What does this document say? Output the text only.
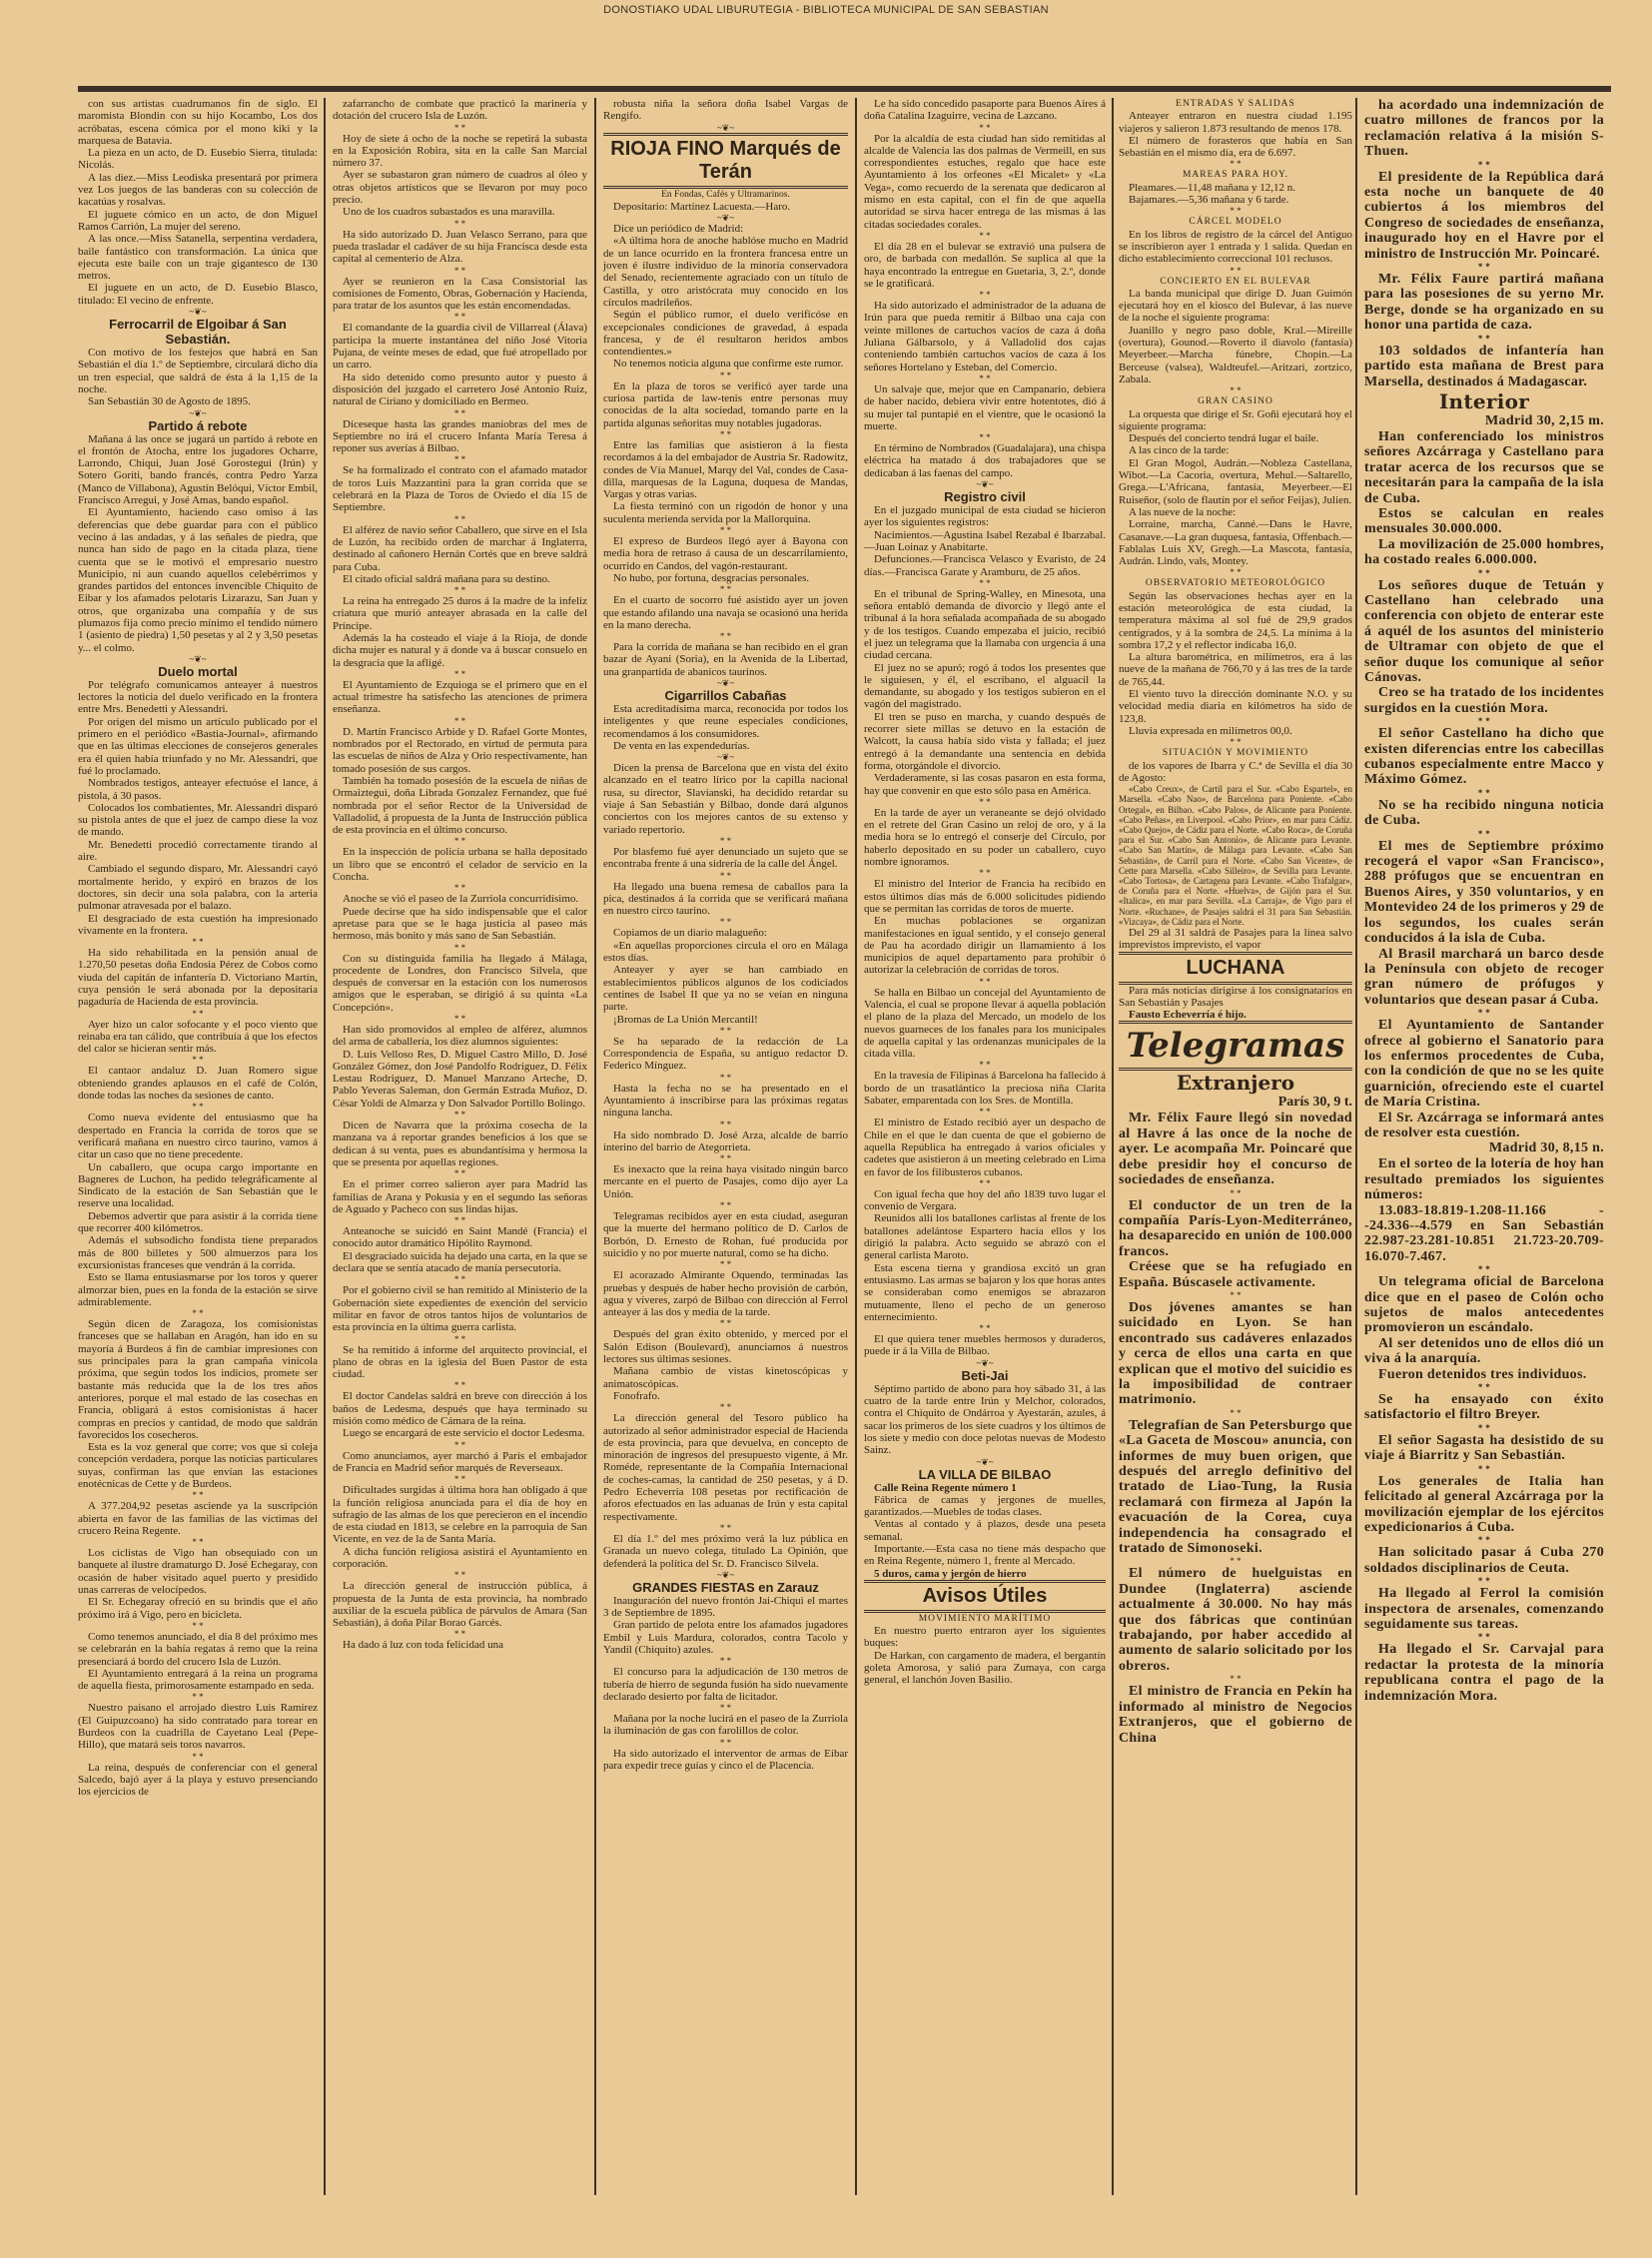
DONOSTIAKO UDAL LIBURUTEGIA - BIBLIOTECA MUNICIPAL DE SAN SEBASTIAN

con sus artistas cuadrumanos fin de siglo. El maromista Blondin con su hijo Kocambo, Los dos acróbatas, escena cómica por el mono kiki y la marquesa de Batavia.

La pieza en un acto, de D. Eusebio Sierra, titulada: Nicolás.

A las diez.—Miss Leodiska presentará por primera vez Los juegos de las banderas con su colección de kacatúas y rosalvas.

El juguete cómico en un acto, de don Miguel Ramos Carrión, La mujer del sereno.

A las once.—Miss Satanella, serpentina verdadera, baile fantástico con transformación. La única que ejecuta este baile con un traje gigantesco de 130 metros.

El juguete en un acto, de D. Eusebio Blasco, titulado: El vecino de enfrente.

~❦~

Ferrocarril de Elgoibar á San Sebastián.

Con motivo de los festejos que habrá en San Sebastián el día 1.º de Septiembre, circulará dicho día un tren especial, que saldrá de ésta á la 1,15 de la noche.

San Sebastián 30 de Agosto de 1895.

~❦~

Partido á rebote

Mañana á las once se jugará un partido á rebote en el frontón de Atocha, entre los jugadores Ocharre, Larrondo, Chiqui, Juan José Gorostegui (Irún) y Sotero Goríti, bando francés, contra Pedro Yarza (Manco de Villabona), Agustín Belóqui, Víctor Embil, Francisco Arregui, y José Amas, bando español.

El Ayuntamiento, haciendo caso omiso á las deferencias que debe guardar para con el público vecino á las andadas, y á las señales de piedra, que nunca han sido de pago en la citada plaza, tiene cuenta que se le motivó el empresario nuestro Municipio, ni aun cuando aquellos celebérrimos y grandes partidos del entonces invencible Chiquito de Eibar y los afamados pelotaris Lizarazu, San Juan y otros, que organizaba una compañía y de sus plumazos fija como precio mínimo el tendido número 1 (asiento de piedra) 1,50 pesetas y al 2 y 3,50 pesetas y... el colmo.

~❦~

Duelo mortal

Por telégrafo comunicamos anteayer á nuestros lectores la noticia del duelo verificado en la frontera entre Mrs. Benedetti y Alessandri.

Por origen del mismo un artículo publicado por el primero en el periódico «Bastia-Journal», afirmando que en las últimas elecciones de consejeros generales era él quien había triunfado y no Mr. Alessandri, que fué lo proclamado.

Nombrados testigos, anteayer efectuóse el lance, á pistola, á 30 pasos.

Colocados los combatientes, Mr. Alessandri disparó su pistola antes de que el juez de campo diese la voz de mando.

Mr. Benedetti procedió correctamente tirando al aire.

Cambiado el segundo disparo, Mr. Alessandri cayó mortalmente herido, y expiró en brazos de los doctores, sin decir una sola palabra, con la arteria pulmonar atravesada por el balazo.

El desgraciado de esta cuestión ha impresionado vivamente en la frontera.

* *

Ha sido rehabilitada en la pensión anual de 1.270,50 pesetas doña Endosia Pérez de Cobos como viuda del capitán de infantería D. Victoriano Martín, cuya pensión le será abonada por la depositaria pagaduría de Hacienda de esta provincia.

* *

Ayer hizo un calor sofocante y el poco viento que reinaba era tan cálido, que contribuía á que los efectos del calor se hicieran sentir más.

* *

El cantaor andaluz D. Juan Romero sigue obteniendo grandes aplausos en el café de Colón, donde todas las noches da sesiones de canto.

* *

Como nueva evidente del entusiasmo que ha despertado en Francia la corrida de toros que se verificará mañana en nuestro circo taurino, vamos á citar un caso que no tiene precedente.

Un caballero, que ocupa cargo importante en Bagneres de Luchon, ha pedido telegráficamente al Sindicato de la estación de San Sebastián que le reserve una localidad.

Debemos advertir que para asistir á la corrida tiene que recorrer 400 kilómetros.

Además el subsodicho fondista tiene preparados más de 800 billetes y 500 almuerzos para los excursionistas franceses que vendrán á la corrida.

Esto se llama entusiasmarse por los toros y querer almorzar bien, pues en la fonda de la estación se sirve admirablemente.

* *

Según dicen de Zaragoza, los comisionistas franceses que se hallaban en Aragón, han ido en su mayoría á Burdeos á fin de cambiar impresiones con sus principales para la gran campaña vinícola próxima, que según todos los indicios, promete ser bastante más reducida que la de los tres años anteriores, porque el mal estado de las cosechas en Francia, obligará á estos comisionistas á hacer compras en precios y cantidad, de modo que saldrán favorecidos los cosecheros.

Esta es la voz general que corre; vos que si coleja concepción verdadera, porque las noticias particulares suyas, confirman las que envían las estaciones enotécnicas de Cette y de Burdeos.

* *

A 377.204,92 pesetas asciende ya la suscripción abierta en favor de las familias de las víctimas del crucero Reina Regente.

* *

Los ciclistas de Vigo han obsequiado con un banquete al ilustre dramaturgo D. José Echegaray, con ocasión de haber visitado aquel puerto y presidido unas carreras de velocípedos.

El Sr. Echegaray ofreció en su brindis que el año próximo irá á Vigo, pero en bicicleta.

* *

Como tenemos anunciado, el día 8 del próximo mes se celebrarán en la bahía regatas á remo que la reina presenciará á bordo del crucero Isla de Luzón.

El Ayuntamiento entregará á la reina un programa de aquella fiesta, primorosamente estampado en seda.

* *

Nuestro paisano el arrojado diestro Luis Ramírez (El Guipuzcoano) ha sido contratado para torear en Burdeos con la cuadrilla de Cayetano Leal (Pepe-Hillo), que matará seis toros navarros.

* *

La reina, después de conferenciar con el general Salcedo, bajó ayer á la playa y estuvo presenciando los ejercicios de

zafarrancho de combate que practicó la marinería y dotación del crucero Isla de Luzón.

* *

Hoy de siete á ocho de la noche se repetirá la subasta en la Exposición Robira, sita en la calle San Marcial número 37.

Ayer se subastaron gran número de cuadros al óleo y otras objetos artísticos que se llevaron por muy poco precio.

Uno de los cuadros subastados es una maravilla.

* *

Ha sido autorizado D. Juan Velasco Serrano, para que pueda trasladar el cadáver de su hija Francisca desde esta capital al cementerio de Alza.

* *

Ayer se reunieron en la Casa Consistorial las comisiones de Fomento, Obras, Gobernación y Hacienda, para tratar de los asuntos que les están encomendadas.

* *

El comandante de la guardia civil de Villarreal (Álava) participa la muerte instantánea del niño José Vitoria Pujana, de veinte meses de edad, que fué atropellado por un carro.

Ha sido detenido como presunto autor y puesto á disposición del juzgado el carretero José Antonio Ruiz, natural de Ciriano y domiciliado en Bermeo.

* *

Díceseque hasta las grandes maniobras del mes de Septiembre no irá el crucero Infanta María Teresa á reponer sus averías á Bilbao.

* *

Se ha formalizado el contrato con el afamado matador de toros Luis Mazzantini para la gran corrida que se celebrará en la Plaza de Toros de Oviedo el día 15 de Septiembre.

* *

El alférez de navío señor Caballero, que sirve en el Isla de Luzón, ha recibido orden de marchar á Inglaterra, destinado al cañonero Hernán Cortés que en breve saldrá para Cuba.

El citado oficial saldrá mañana para su destino.

* *

La reina ha entregado 25 duros á la madre de la infeliz criatura que murió anteayer abrasada en la calle del Príncipe.

Además la ha costeado el viaje á la Rioja, de donde dicha mujer es natural y á donde va á buscar consuelo en la desgracia que la afligé.

* *

El Ayuntamiento de Ezquioga se el primero que en el actual trimestre ha satisfecho las atenciones de primera enseñanza.

* *

D. Martín Francisco Arbide y D. Rafael Gorte Montes, nombrados por el Rectorado, en virtud de permuta para las escuelas de niños de Alza y Orio respectivamente, han tomado posesión de sus cargos.

También ha tomado posesión de la escuela de niñas de Ormaiztegui, doña Librada Gonzalez Fernandez, que fué nombrada por el señor Rector de la Universidad de Valladolid, á propuesta de la Junta de Instrucción pública de esta provincia en el último concurso.

* *

En la inspección de policía urbana se halla depositado un libro que se encontró el celador de servicio en la Concha.

* *

Anoche se vió el paseo de la Zurriola concurridísimo.

Puede decirse que ha sido indispensable que el calor apretase para que se le haga justicia al paseo más hermoso, más bonito y más sano de San Sebastián.

* *

Con su distinguida familia ha llegado á Málaga, procedente de Londres, don Francisco Silvela, que después de conversar en la estación con los numerosos amigos que le esperaban, se dirigió á su quinta «La Concepción».

* *

Han sido promovidos al empleo de alférez, alumnos del arma de caballería, los diez alumnos siguientes:

D. Luis Velloso Res, D. Miguel Castro Millo, D. José González Gómez, don José Pandolfo Rodriguez, D. Félix Lestau Rodriguez, D. Manuel Manzano Arteche, D. Pablo Yeveras Saleman, don Germán Estrada Muñoz, D. César Yoldi de Almarza y Don Salvador Portillo Bolingo.

* *

Dicen de Navarra que la próxima cosecha de la manzana va á reportar grandes beneficios á los que se dedican á su venta, pues es abundantísima y hermosa la que se presenta por aquellas regiones.

* *

En el primer correo salieron ayer para Madrid las familias de Arana y Pokusia y en el segundo las señoras de Aguado y Pacheco con sus lindas hijas.

* *

Anteanoche se suicidó en Saint Mandé (Francia) el conocido autor dramático Hipólito Raymond.

El desgraciado suicida ha dejado una carta, en la que se declara que se sentía atacado de manía persecutoria.

* *

Por el gobierno civil se han remitido al Ministerio de la Gobernación siete expedientes de exención del servicio militar en favor de otros tantos hijos de voluntarios de esta provincia en la última guerra carlista.

* *

Se ha remitido á informe del arquitecto provincial, el plano de obras en la iglesia del Buen Pastor de esta ciudad.

* *

El doctor Candelas saldrá en breve con dirección á los baños de Ledesma, después que haya terminado su misión como médico de Cámara de la reina.

Luego se encargará de este servicio el doctor Ledesma.

* *

Como anunciamos, ayer marchó á París el embajador de Francia en Madrid señor marqués de Reverseaux.

* *

Dificultades surgidas á última hora han obligado á que la función religiosa anunciada para el día de hoy en sufragio de las almas de los que perecieron en el incendio de esta ciudad en 1813, se celebre en la parroquia de San Vicente, en vez de la de Santa María.

A dicha función religiosa asistirá el Ayuntamiento en corporación.

* *

La dirección general de instrucción pública, á propuesta de la Junta de esta provincia, ha nombrado auxiliar de la escuela pública de párvulos de Amara (San Sebastián), á doña Pilar Borao Garcés.

* *

Ha dado á luz con toda felicidad una

robusta niña la señora doña Isabel Vargas de Rengifo.

~❦~

RIOJA FINO Marqués de Terán

En Fondas, Cafés y Ultramarinos.

Depositario: Martínez Lacuesta.—Haro.

~❦~

Dice un periódico de Madrid:

«A última hora de anoche hablóse mucho en Madrid de un lance ocurrido en la frontera francesa entre un joven é ilustre individuo de la minoría conservadora del Senado, recientemente agraciado con un título de Castilla, y otro aristócrata muy conocido en los círculos madrileños.

Según el público rumor, el duelo verificóse en excepcionales condiciones de gravedad, á espada francesa, y de él resultaron heridos ambos contendientes.»

No tenemos noticia alguna que confirme este rumor.

* *

En la plaza de toros se verificó ayer tarde una curiosa partida de law-tenis entre personas muy conocidas de la alta sociedad, tomando parte en la partida algunas señoritas muy notables jugadoras.

* *

Entre las familias que asistieron á la fiesta recordamos á la del embajador de Austria Sr. Radowitz, condes de Vía Manuel, Marqy del Val, condes de Casa-dilla, marquesas de la Laguna, duquesa de Mandas, Vargas y otras varias.

La fiesta terminó con un rigodón de honor y una suculenta merienda servida por la Mallorquina.

* *

El expreso de Burdeos llegó ayer á Bayona con media hora de retraso á causa de un descarrilamiento, ocurrido en Candos, del vagón-restaurant.

No hubo, por fortuna, desgracias personales.

* *

En el cuarto de socorro fué asistido ayer un joven que estando afilando una navaja se ocasionó una herida en la mano derecha.

* *

Para la corrida de mañana se han recibido en el gran bazar de Ayani (Soria), en la Avenida de la Libertad, una granpartida de abanicos taurinos.

~❦~

Cigarrillos Cabañas

Esta acreditadísima marca, reconocida por todos los inteligentes y que reune especiales condiciones, recomendamos á los consumidores.

De venta en las expendedurías.

~❦~

Dicen la prensa de Barcelona que en vista del éxito alcanzado en el teatro lírico por la capilla nacional rusa, su director, Slavianski, ha decidido retardar su viaje á San Sebastián y Bilbao, donde dará algunos conciertos con los mejores cantos de su extenso y variado repertorio.

* *

Por blasfemo fué ayer denunciado un sujeto que se encontraba frente á una sidrería de la calle del Ángel.

* *

Ha llegado una buena remesa de caballos para la pica, destinados á la corrida que se verificará mañana en nuestro circo taurino.

* *

Copiamos de un diario malagueño:

«En aquellas proporciones circula el oro en Málaga estos días.

Anteayer y ayer se han cambiado en establecimientos públicos algunos de los codiciados centines de Isabel II que ya no se veían en ninguna parte.

¡Bromas de La Unión Mercantil!

* *

Se ha separado de la redacción de La Correspondencia de España, su antiguo redactor D. Federico Mínguez.

* *

Hasta la fecha no se ha presentado en el Ayuntamiento á inscribirse para las próximas regatas ninguna lancha.

* *

Ha sido nombrado D. José Arza, alcalde de barrio interino del barrio de Ategorrieta.

* *

Es inexacto que la reina haya visitado ningún barco mercante en el puerto de Pasajes, como dijo ayer La Unión.

* *

Telegramas recibidos ayer en esta ciudad, aseguran que la muerte del hermano político de D. Carlos de Borbón, D. Ernesto de Rohan, fué producida por suicidio y no por muerte natural, como se ha dicho.

* *

El acorazado Almirante Oquendo, terminadas las pruebas y después de haber hecho provisión de carbón, agua y víveres, zarpó de Bilbao con dirección al Ferrol anteayer á las dos y media de la tarde.

* *

Después del gran éxito obtenido, y merced por el Salón Edison (Boulevard), anunciamos á nuestros lectores sus últimas sesiones.

Mañana cambio de vistas kinetoscópicas y animatoscópicas.

Fonofrafo.

* *

La dirección general del Tesoro público ha autorizado al señor administrador especial de Hacienda de esta provincia, para que devuelva, en concepto de minoración de ingresos del presupuesto vigente, á Mr. Roméde, representante de la Compañía Internacional de coches-camas, la cantidad de 250 pesetas, y á D. Pedro Echeverría 108 pesetas por rectificación de aforos efectuados en las aduanas de Irún y esta capital respectivamente.

* *

El día 1.º del mes próximo verá la luz pública en Granada un nuevo colega, titulado La Opinión, que defenderá la política del Sr. D. Francisco Silvela.

~❦~

GRANDES FIESTAS en Zarauz

Inauguración del nuevo frontón Jai-Chiqui el martes 3 de Septiembre de 1895.

Gran partido de pelota entre los afamados jugadores Embil y Luis Mardura, colorados, contra Tacolo y Yandil (Chiquito) azules.

* *

El concurso para la adjudicación de 130 metros de tubería de hierro de segunda fusión ha sido nuevamente declarado desierto por falta de licitador.

* *

Mañana por la noche lucirá en el paseo de la Zurriola la iluminación de gas con farolillos de color.

* *

Ha sido autorizado el interventor de armas de Eibar para expedir trece guías y cinco el de Placencia.

Le ha sido concedido pasaporte para Buenos Aires á doña Catalina Izaguirre, vecina de Lazcano.

* *

Por la alcaldía de esta ciudad han sido remitidas al alcalde de Valencia las dos palmas de Vermeill, en sus correspondientes estuches, regalo que hace este Ayuntamiento á los orfeones «El Micalet» y «La Vega», como recuerdo de la serenata que dedicaron al mismo en esta capital, con el fin de que aquella autoridad se sirva hacer entrega de las mismas á las citadas sociedades corales.

* *

El día 28 en el bulevar se extravió una pulsera de oro, de barbada con medallón. Se suplica al que la haya encontrado la entregue en Guetaria, 3, 2.º, donde se le gratificará.

* *

Ha sido autorizado el administrador de la aduana de Irún para que pueda remitir á Bilbao una caja con veinte millones de cartuchos vacíos de caza á doña Juliana Gálbarsolo, y á Valladolid dos cajas conteniendo también cartuchos vacíos de caza á los señores Hortelano y Esteban, del Comercio.

* *

Un salvaje que, mejor que en Campanario, debiera de haber nacido, debiera vivir entre hotentotes, dió á su mujer tal puntapié en el vientre, que le ocasionó la muerte.

* *

En término de Nombrados (Guadalajara), una chispa eléctrica ha matado á dos trabajadores que se dedicaban á las faenas del campo.

~❦~

Registro civil

En el juzgado municipal de esta ciudad se hicieron ayer los siguientes registros:

Nacimientos.—Agustina Isabel Rezabal é Ibarzabal.—Juan Loinaz y Anabitarte.

Defunciones.—Francisca Velasco y Evaristo, de 24 días.—Francisca Garate y Aramburu, de 25 años.

* *

En el tribunal de Spring-Walley, en Minesota, una señora entabló demanda de divorcio y llegó ante el tribunal á la hora señalada acompañada de su abogado y de los testigos. Cuando empezaba el juicio, recibió el juez un telegrama que la llamaba con urgencia á una ciudad cercana.

El juez no se apuró; rogó á todos los presentes que le siguiesen, y él, el escribano, el alguacil la demandante, su abogado y los testigos subieron en el vagón del magistrado.

El tren se puso en marcha, y cuando después de recorrer siete millas se detuvo en la estación de Walcott, la causa había sido vista y fallada; el juez entregó á la demandante una sentencia en debida forma, otorgándole el divorcio.

Verdaderamente, si las cosas pasaron en esta forma, hay que convenir en que esto sólo pasa en América.

* *

En la tarde de ayer un veraneante se dejó olvidado en el retrete del Gran Casino un reloj de oro, y á la media hora se lo entregó el conserje del Círculo, por haberlo depositado en su poder un caballero, cuyo nombre ignoramos.

* *

El ministro del Interior de Francia ha recibido en estos últimos días más de 6.000 solicitudes pidiendo que se permitan las corridas de toros de muerte.

En muchas poblaciones se organizan manifestaciones en igual sentido, y el consejo general de Pau ha acordado dirigir un llamamiento á los municipios de aquel departamento para prohibir ó autorizar la celebración de corridas de toros.

* *

Se halla en Bilbao un concejal del Ayuntamiento de Valencia, el cual se propone llevar á aquella población el plano de la plaza del Mercado, un modelo de los nuevos guarneces de los fanales para los municipales de aquella capital y las ordenanzas municipales de la citada villa.

* *

En la travesía de Filipinas á Barcelona ha fallecido á bordo de un trasatlántico la preciosa niña Clarita Sabater, emparentada con los Sres. de Montilla.

* *

El ministro de Estado recibió ayer un despacho de Chile en el que le dan cuenta de que el gobierno de aquella República ha entregado á varios oficiales y cadetes que asistieron á un meeting celebrado en Lima en favor de los filibusteros cubanos.

* *

Con igual fecha que hoy del año 1839 tuvo lugar el convenio de Vergara.

Reunidos allí los batallones carlistas al frente de los batallones adelántose Espartero hacia ellos y los dirigió la palabra. Acto seguido se abrazó con el general carlista Maroto.

Esta escena tierna y grandiosa excitó un gran entusiasmo. Las armas se bajaron y los que horas antes se consideraban como enemigos se abrazaron mutuamente, lleno el pecho de un generoso enternecimiento.

* *

El que quiera tener muebles hermosos y duraderos, puede ir á la Villa de Bilbao.

~❦~

Beti-Jai

Séptimo partido de abono para hoy sábado 31, á las cuatro de la tarde entre Irún y Melchor, colorados, contra el Chiquito de Ondárroa y Ayestarán, azules, á sacar los primeros de los siete cuadros y los últimos de los siete y medio con doce pelotas nuevas de Modesto Sainz.

~❦~

LA VILLA DE BILBAO

Calle Reina Regente número 1

Fábrica de camas y jergones de muelles, garantizados.—Muebles de todas clases.

Ventas al contado y á plazos, desde una peseta semanal.

Importante.—Esta casa no tiene más despacho que en Reina Regente, número 1, frente al Mercado.

5 duros, cama y jergón de hierro

Avisos Útiles

MOVIMIENTO MARÍTIMO

En nuestro puerto entraron ayer los siguientes buques:

De Harkan, con cargamento de madera, el bergantín goleta Amorosa, y salió para Zumaya, con carga general, el lanchón Joven Basilio.

ENTRADAS Y SALIDAS

Anteayer entraron en nuestra ciudad 1.195 viajeros y salieron 1.873 resultando de menos 178.

El número de forasteros que había en San Sebastián en el mismo día, era de 6.697.

* *

MAREAS PARA HOY.

Pleamares.—11,48 mañana y 12,12 n.

Bajamares.—5,36 mañana y 6 tarde.

* *

CÁRCEL MODELO

En los libros de registro de la cárcel del Antiguo se inscribieron ayer 1 entrada y 1 salida. Quedan en dicho establecimiento correccional 101 reclusos.

* *

CONCIERTO EN EL BULEVAR

La banda municipal que dirige D. Juan Guimón ejecutará hoy en el kiosco del Bulevar, á las nueve de la noche el siguiente programa:

Juanillo y negro paso doble, Kral.—Mireille (overtura), Gounod.—Roverto il diavolo (fantasía) Meyerbeer.—Marcha fúnebre, Chopin.—La Berceuse (valsea), Waldteufel.—Aritzari, zortzico, Zabala.

* *

GRAN CASINO

La orquesta que dirige el Sr. Goñi ejecutará hoy el siguiente programa:

Después del concierto tendrá lugar el baile.

A las cinco de la tarde:

El Gran Mogol, Audrán.—Nobleza Castellana, Wibot.—La Cacoria, overtura, Mehul.—Saltarello, Grega.—L'Africana, fantasía, Meyerbeer.—El Ruiseñor, (solo de flautín por el señor Feijas), Julien.

A las nueve de la noche:

Lorraine, marcha, Canné.—Dans le Havre, Casanave.—La gran duquesa, fantasía, Offenbach.—Fablalas Luis XV, Gregh.—La Mascota, fantasía, Audrán. Lindo, vals, Montey.

* *

OBSERVATORIO METEOROLÓGICO

Según las observaciones hechas ayer en la estación meteorológica de esta ciudad, la temperatura máxima al sol fué de 29,9 grados centígrados, y á la sombra de 24,5. La mínima á la sombra 17,2 y el reflector indicaba 16,0.

La altura barométrica, en milímetros, era á las nueve de la mañana de 766,70 y á las tres de la tarde de 765,44.

El viento tuvo la dirección dominante N.O. y su velocidad media diaria en kilómetros ha sido de 123,8.

Lluvia expresada en milímetros 00,0.

* *

SITUACIÓN Y MOVIMIENTO

de los vapores de Ibarra y C.ª de Sevilla el día 30 de Agosto:

«Cabo Creux», de Cartil para el Sur. «Cabo Espartel», en Marsella. «Cabo Nao», de Barcelona para Poniente. «Cabo Ortegal», en Bilbao. «Cabo Palos», de Alicante para Poniente. «Cabo Peñas», en Liverpool. «Cabo Prior», en mar para Cádiz. «Cabo Quejo», de Cádiz para el Norte. «Cabo Roca», de Coruña para el Sur. «Cabo San Antonio», de Alicante para Levante. «Cabo San Martín», de Málaga para Levante. «Cabo San Sebastián», de Carril para el Norte. «Cabo San Vicente», de Cette para Marsella. «Cabo Silleiro», de Sevilla para Levante. «Cabo Tortosa», de Cartagena para Levante. «Cabo Trafalgar», de Coruña para el Norte. «Huelva», de Gijón para el Sur. «Italica», en mar para Sevilla. «La Carraja», de Vigo para el Norte. «Ruchane», de Pasajes saldrá el 31 para San Sebastián. «Vizcaya», de Cádiz para el Norte.

Del 29 al 31 saldrá de Pasajes para la línea salvo imprevistos imprevisto, el vapor

LUCHANA

Para más noticias dirigirse á los consignatarios en San Sebastián y Pasajes

Fausto Echeverría é hijo.

Telegramas

Extranjero

París 30, 9 t.

Mr. Félix Faure llegó sin novedad al Havre á las once de la noche de ayer. Le acompaña Mr. Poincaré que debe presidir hoy el concurso de sociedades de enseñanza.

* *

El conductor de un tren de la compañía París-Lyon-Mediterráneo, ha desaparecido en unión de 100.000 francos.

Créese que se ha refugiado en España. Búscasele activamente.

* *

Dos jóvenes amantes se han suicidado en Lyon. Se han encontrado sus cadáveres enlazados y cerca de ellos una carta en que explican que el motivo del suicidio es la imposibilidad de contraer matrimonio.

* *

Telegrafían de San Petersburgo que «La Gaceta de Moscou» anuncia, con informes de muy buen origen, que después del arreglo definitivo del tratado de Liao-Tung, la Rusia reclamará con firmeza al Japón la evacuación de la Corea, cuya independencia ha consagrado el tratado de Simonoseki.

* *

El número de huelguistas en Dundee (Inglaterra) asciende actualmente á 30.000. No hay más que dos fábricas que continúan trabajando, por haber accedido al aumento de salario solicitado por los obreros.

* *

El ministro de Francia en Pekín ha informado al ministro de Negocios Extranjeros, que el gobierno de China

ha acordado una indemnización de cuatro millones de francos por la reclamación relativa á la misión S-Thuen.

* *

El presidente de la República dará esta noche un banquete de 40 cubiertos á los miembros del Congreso de sociedades de enseñanza, inaugurado hoy en el Havre por el ministro de Instrucción Mr. Poincaré.

* *

Mr. Félix Faure partirá mañana para las posesiones de su yerno Mr. Berge, donde se ha organizado en su honor una partida de caza.

* *

103 soldados de infantería han partido esta mañana de Brest para Marsella, destinados á Madagascar.

Interior

Madrid 30, 2,15 m.

Han conferenciado los ministros señores Azcárraga y Castellano para tratar acerca de los recursos que se necesitarán para la campaña de la isla de Cuba.

Estos se calculan en reales mensuales 30.000.000.

La movilización de 25.000 hombres, ha costado reales 6.000.000.

* *

Los señores duque de Tetuán y Castellano han celebrado una conferencia con objeto de enterar este á aquél de los asuntos del ministerio de Ultramar con objeto de que el señor duque los comunique al señor Cánovas.

Creo se ha tratado de los incidentes surgidos en la cuestión Mora.

* *

El señor Castellano ha dicho que existen diferencias entre los cabecillas cubanos especialmente entre Macco y Máximo Gómez.

* *

No se ha recibido ninguna noticia de Cuba.

* *

El mes de Septiembre próximo recogerá el vapor «San Francisco», 288 prófugos que se encuentran en Buenos Aires, y 350 voluntarios, y en Montevideo 24 de los primeros y 29 de los segundos, los cuales serán conducidos á la isla de Cuba.

Al Brasil marchará un barco desde la Península con objeto de recoger gran número de prófugos y voluntarios que desean pasar á Cuba.

* *

El Ayuntamiento de Santander ofrece al gobierno el Sanatorio para los enfermos procedentes de Cuba, con la condición de que no se les quite guarnición, ofreciendo este el cuartel de María Cristina.

El Sr. Azcárraga se informará antes de resolver esta cuestión.

Madrid 30, 8,15 n.

En el sorteo de la lotería de hoy han resultado premiados los siguientes números:

13.083-18.819-1.208-11.166 --24.336--4.579 en San Sebastián 22.987-23.281-10.851 21.723-20.709-16.070-7.467.

* *

Un telegrama oficial de Barcelona dice que en el paseo de Colón ocho sujetos de malos antecedentes promovieron un escándalo.

Al ser detenidos uno de ellos dió un viva á la anarquía.

Fueron detenidos tres individuos.

* *

Se ha ensayado con éxito satisfactorio el filtro Breyer.

* *

El señor Sagasta ha desistido de su viaje á Biarritz y San Sebastián.

* *

Los generales de Italia han felicitado al general Azcárraga por la movilización ejemplar de los ejércitos expedicionarios á Cuba.

* *

Han solicitado pasar á Cuba 270 soldados disciplinarios de Ceuta.

* *

Ha llegado al Ferrol la comisión inspectora de arsenales, comenzando seguidamente sus tareas.

* *

Ha llegado el Sr. Carvajal para redactar la protesta de la minoría republicana contra el pago de la indemnización Mora.
